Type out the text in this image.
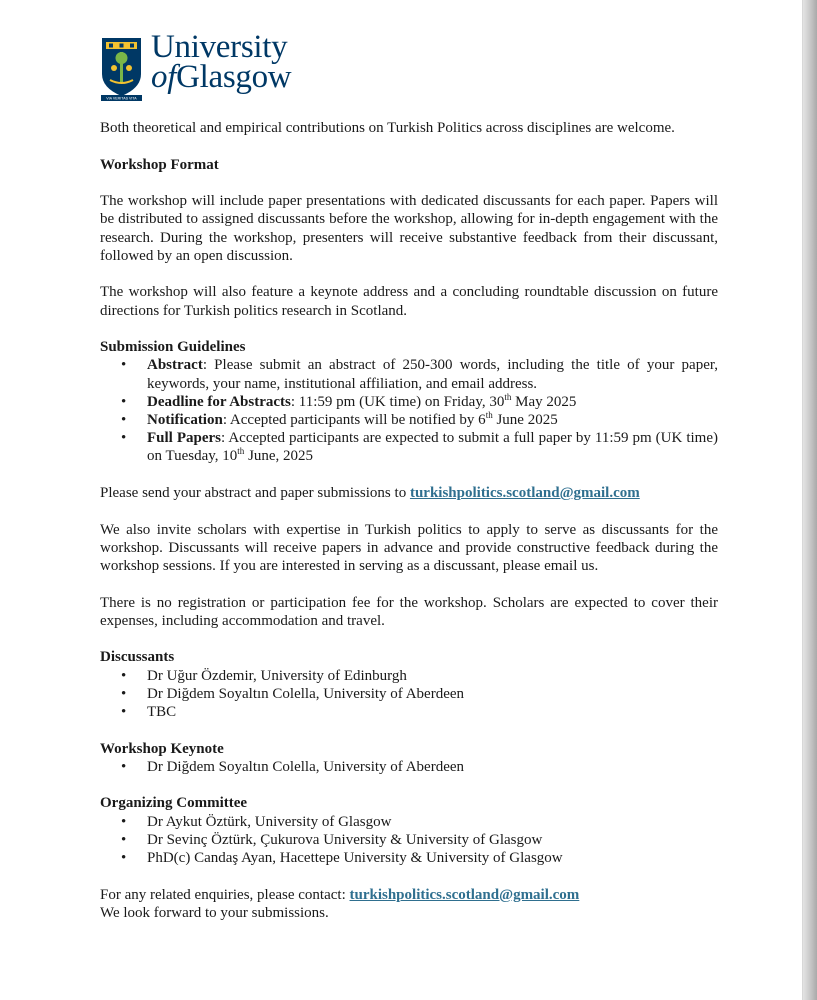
VIA VERITAS VITA
University
ofGlasgow

Both theoretical and empirical contributions on Turkish Politics across disciplines are welcome.

Workshop Format

The workshop will include paper presentations with dedicated discussants for each paper. Papers will be distributed to assigned discussants before the workshop, allowing for in-depth engagement with the research. During the workshop, presenters will receive substantive feedback from their discussant, followed by an open discussion.

The workshop will also feature a keynote address and a concluding roundtable discussion on future directions for Turkish politics research in Scotland.

Submission Guidelines

• Abstract: Please submit an abstract of 250-300 words, including the title of your paper, keywords, your name, institutional affiliation, and email address.
• Deadline for Abstracts: 11:59 pm (UK time) on Friday, 30th May 2025
• Notification: Accepted participants will be notified by 6th June 2025
• Full Papers: Accepted participants are expected to submit a full paper by 11:59 pm (UK time) on Tuesday, 10th June, 2025

Please send your abstract and paper submissions to turkishpolitics.scotland@gmail.com

We also invite scholars with expertise in Turkish politics to apply to serve as discussants for the workshop. Discussants will receive papers in advance and provide constructive feedback during the workshop sessions. If you are interested in serving as a discussant, please email us.

There is no registration or participation fee for the workshop. Scholars are expected to cover their expenses, including accommodation and travel.

Discussants

• Dr Uğur Özdemir, University of Edinburgh
• Dr Diğdem Soyaltın Colella, University of Aberdeen
• TBC

Workshop Keynote

• Dr Diğdem Soyaltın Colella, University of Aberdeen

Organizing Committee

• Dr Aykut Öztürk, University of Glasgow
• Dr Sevinç Öztürk, Çukurova University & University of Glasgow
• PhD(c) Candaş Ayan, Hacettepe University & University of Glasgow

For any related enquiries, please contact: turkishpolitics.scotland@gmail.com

We look forward to your submissions.
